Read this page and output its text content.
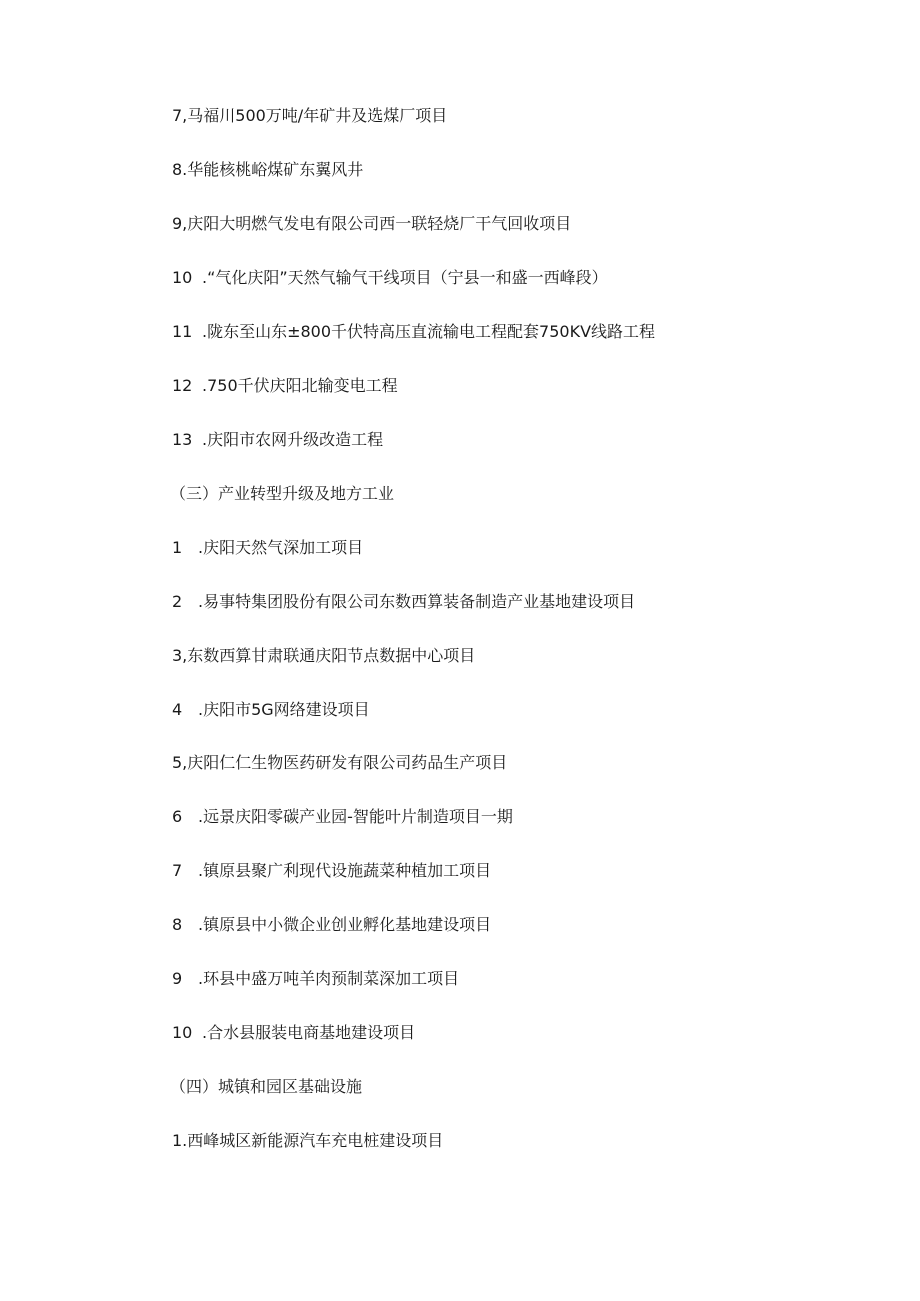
7,马福川500万吨/年矿井及选煤厂项目
8.华能核桃峪煤矿东翼风井
9,庆阳大明燃气发电有限公司西一联轻烧厂干气回收项目
10 .“气化庆阳”天然气输气干线项目（宁县一和盛一西峰段）
11 .陇东至山东±800千伏特高压直流输电工程配套750KV线路工程
12 .750千伏庆阳北输变电工程
13 .庆阳市农网升级改造工程
（三）产业转型升级及地方工业
1 .庆阳天然气深加工项目
2 .易事特集团股份有限公司东数西算装备制造产业基地建设项目
3,东数西算甘肃联通庆阳节点数据中心项目
4 .庆阳市5G网络建设项目
5,庆阳仁仁生物医药研发有限公司药品生产项目
6 .远景庆阳零碳产业园-智能叶片制造项目一期
7 .镇原县聚广利现代设施蔬菜种植加工项目
8 .镇原县中小微企业创业孵化基地建设项目
9 .环县中盛万吨羊肉预制菜深加工项目
10 .合水县服装电商基地建设项目
（四）城镇和园区基础设施
1.西峰城区新能源汽车充电桩建设项目
